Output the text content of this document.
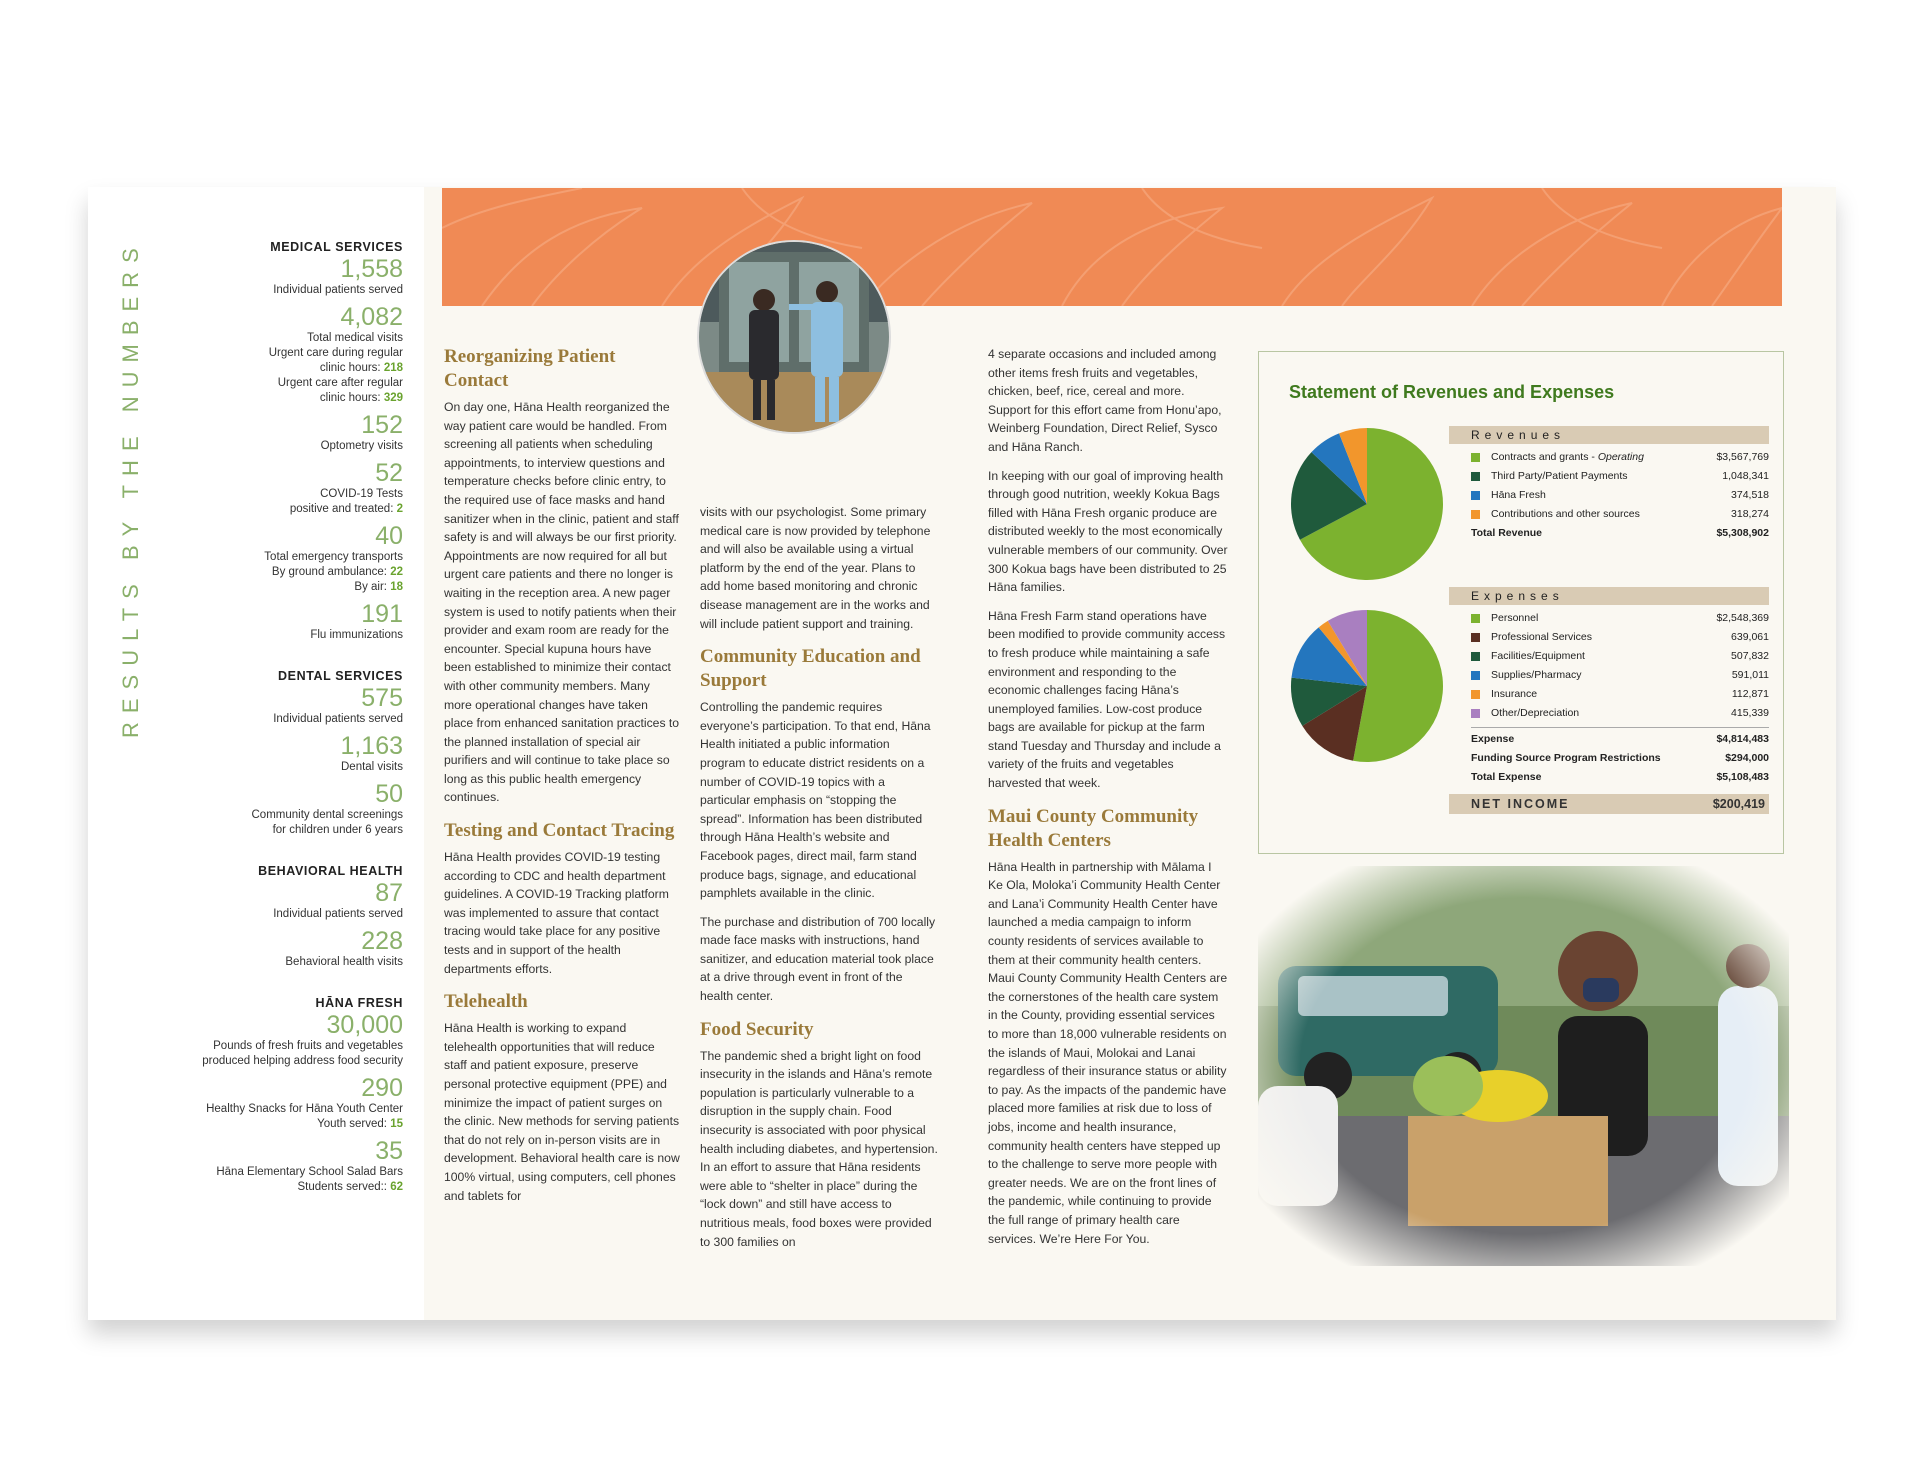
RESULTS BY THE NUMBERS	MEDICAL SERVICES
1,558
Individual patients served
4,082
Total medical visits
Urgent care during regular
clinic hours: 218
Urgent care after regular
clinic hours: 329
152
Optometry visits
52
COVID-19 Tests
positive and treated: 2
40
Total emergency transports
By ground ambulance: 22
By air: 18
191
Flu immunizations
DENTAL SERVICES
575
Individual patients served
1,163
Dental visits
50
Community dental screenings
for children under 6 years
BEHAVIORAL HEALTH
87
Individual patients served
228
Behavioral health visits
HĀNA FRESH
30,000
Pounds of fresh fruits and vegetables
produced helping address food security
290
Healthy Snacks for Hāna Youth Center
Youth served: 15
35
Hāna Elementary School Salad Bars
Students served:: 62
Reorganizing Patient Contact

On day one, Hāna Health reorganized the way patient care would be handled. From screening all patients when scheduling appointments, to interview questions and temperature checks before clinic entry, to the required use of face masks and hand sanitizer when in the clinic, patient and staff safety is and will always be our first priority. Appointments are now required for all but urgent care patients and there no longer is waiting in the reception area. A new pager system is used to notify patients when their provider and exam room are ready for the encounter. Special kupuna hours have been established to minimize their contact with other community members. Many more operational changes have taken place from enhanced sanitation practices to the planned installation of special air purifiers and will continue to take place so long as this public health emergency continues.

Testing and Contact Tracing

Hāna Health provides COVID-19 testing according to CDC and health department guidelines. A COVID-19 Tracking platform was implemented to assure that contact tracing would take place for any positive tests and in support of the health departments efforts.

Telehealth

Hāna Health is working to expand telehealth opportunities that will reduce staff and patient exposure, preserve personal protective equipment (PPE) and minimize the impact of patient surges on the clinic. New methods for serving patients that do not rely on in-person visits are in development. Behavioral health care is now 100% virtual, using computers, cell phones and tablets for

visits with our psychologist. Some primary medical care is now provided by telephone and will also be available using a virtual platform by the end of the year. Plans to add home based monitoring and chronic disease management are in the works and will include patient support and training.

Community Education and Support

Controlling the pandemic requires everyone’s participation. To that end, Hāna Health initiated a public information program to educate district residents on a number of COVID-19 topics with a particular emphasis on “stopping the spread”. Information has been distributed through Hāna Health’s website and Facebook pages, direct mail, farm stand produce bags, signage, and educational pamphlets available in the clinic.

The purchase and distribution of 700 locally made face masks with instructions, hand sanitizer, and education material took place at a drive through event in front of the health center.

Food Security

The pandemic shed a bright light on food insecurity in the islands and Hāna’s remote population is particularly vulnerable to a disruption in the supply chain. Food insecurity is associated with poor physical health including diabetes, and hypertension. In an effort to assure that Hāna residents were able to “shelter in place” during the “lock down” and still have access to nutritious meals, food boxes were provided to 300 families on

4 separate occasions and included among other items fresh fruits and vegetables, chicken, beef, rice, cereal and more. Support for this effort came from Honu’apo, Weinberg Foundation, Direct Relief, Sysco and Hāna Ranch.

In keeping with our goal of improving health through good nutrition, weekly Kokua Bags filled with Hāna Fresh organic produce are distributed weekly to the most economically vulnerable members of our community. Over 300 Kokua bags have been distributed to 25 Hāna families.

Hāna Fresh Farm stand operations have been modified to provide community access to fresh produce while maintaining a safe environment and responding to the economic challenges facing Hāna’s unemployed families. Low-cost produce bags are available for pickup at the farm stand Tuesday and Thursday and include a variety of the fruits and vegetables harvested that week.

Maui County Community Health Centers

Hāna Health in partnership with Mālama I Ke Ola, Moloka’i Community Health Center and Lana’i Community Health Center have launched a media campaign to inform county residents of services available to them at their community health centers. Maui County Community Health Centers are the cornerstones of the health care system in the County, providing essential services to more than 18,000 vulnerable residents on the islands of Maui, Molokai and Lanai regardless of their insurance status or ability to pay. As the impacts of the pandemic have placed more families at risk due to loss of jobs, income and health insurance, community health centers have stepped up to the challenge to serve more people with greater needs. We are on the front lines of the pandemic, while continuing to provide the full range of primary health care services. We’re Here For You.

Statement of Revenues and Expenses
Revenues
Contracts and grants - Operating	$3,567,769
Third Party/Patient Payments	1,048,341
Hāna Fresh	374,518
Contributions and other sources	318,274
Total Revenue	$5,308,902
Expenses
Personnel	$2,548,369
Professional Services	639,061
Facilities/Equipment	507,832
Supplies/Pharmacy	591,011
Insurance	112,871
Other/Depreciation	415,339
Expense	$4,814,483
Funding Source Program Restrictions	$294,000
Total Expense	$5,108,483
NET INCOME	$200,419
